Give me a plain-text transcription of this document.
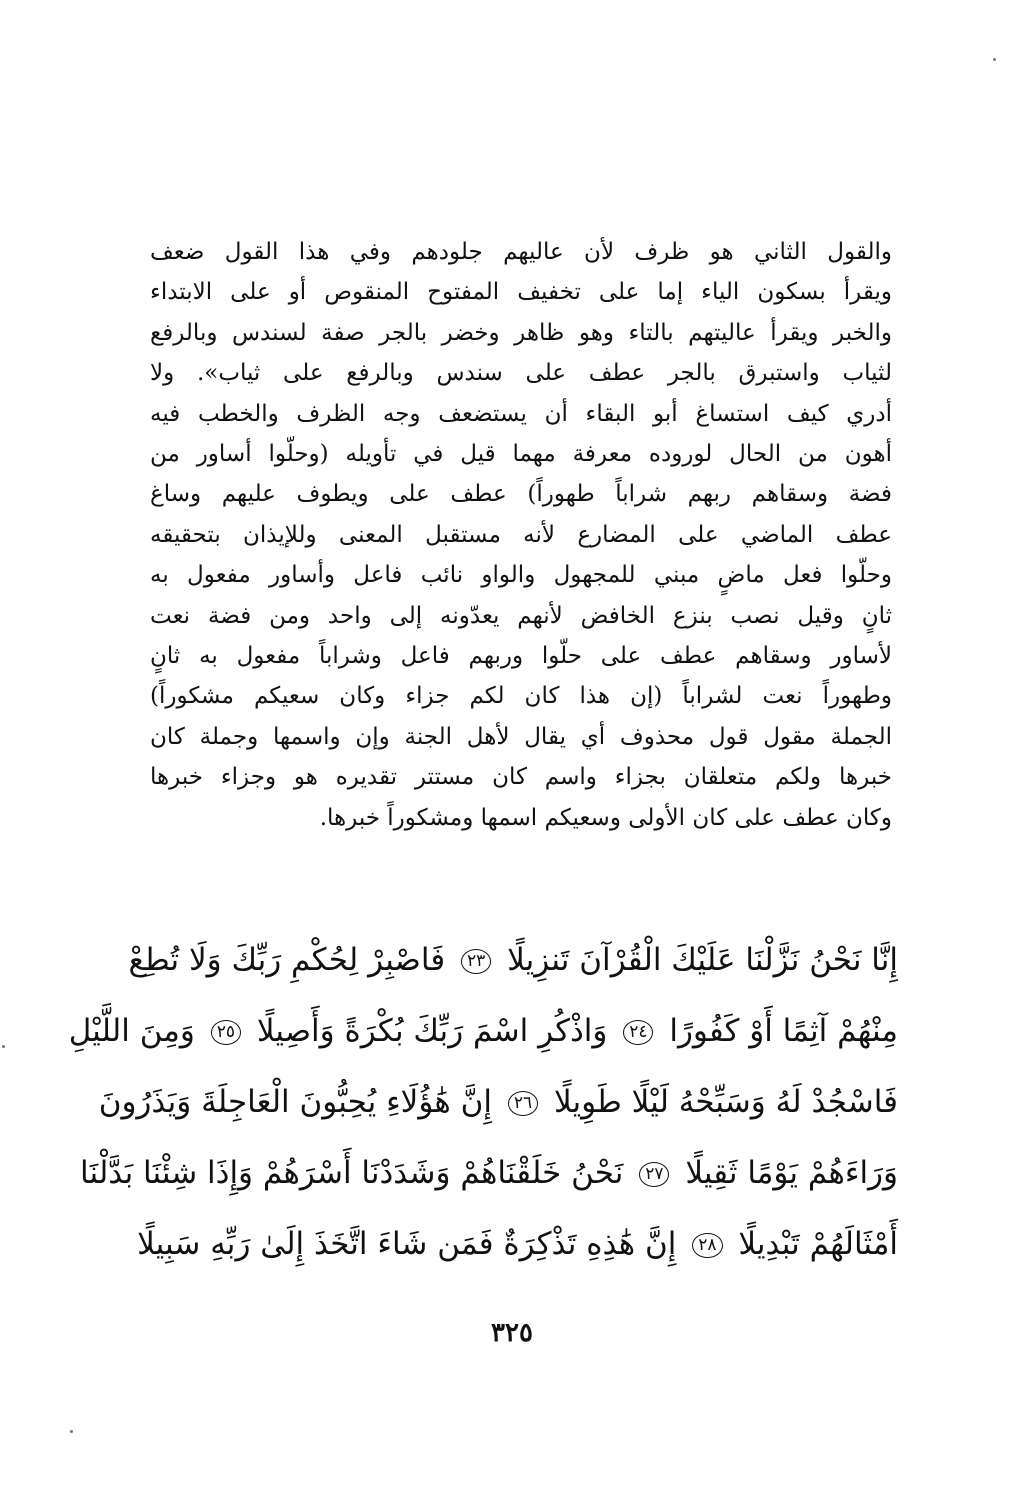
والقول الثاني هو ظرف لأن عاليهم جلودهم وفي هذا القول ضعف
ويقرأ بسكون الياء إما على تخفيف المفتوح المنقوص أو على الابتداء
والخبر ويقرأ عاليتهم بالتاء وهو ظاهر وخضر بالجر صفة لسندس وبالرفع
لثياب واستبرق بالجر عطف على سندس وبالرفع على ثياب». ولا
أدري كيف استساغ أبو البقاء أن يستضعف وجه الظرف والخطب فيه
أهون من الحال لوروده معرفة مهما قيل في تأويله (وحلّوا أساور من
فضة وسقاهم ربهم شراباً طهوراً) عطف على ويطوف عليهم وساغ
عطف الماضي على المضارع لأنه مستقبل المعنى وللإيذان بتحقيقه
وحلّوا فعل ماضٍ مبني للمجهول والواو نائب فاعل وأساور مفعول به
ثانٍ وقيل نصب بنزع الخافض لأنهم يعدّونه إلى واحد ومن فضة نعت
لأساور وسقاهم عطف على حلّوا وربهم فاعل وشراباً مفعول به ثانٍ
وطهوراً نعت لشراباً (إن هذا كان لكم جزاء وكان سعيكم مشكوراً)
الجملة مقول قول محذوف أي يقال لأهل الجنة وإن واسمها وجملة كان
خبرها ولكم متعلقان بجزاء واسم كان مستتر تقديره هو وجزاء خبرها
وكان عطف على كان الأولى وسعيكم اسمها ومشكوراً خبرها.
إِنَّا نَحْنُ نَزَّلْنَا عَلَيْكَ الْقُرْآنَ تَنزِيلًا ٢٣ فَاصْبِرْ لِحُكْمِ رَبِّكَ وَلَا تُطِعْ
مِنْهُمْ آثِمًا أَوْ كَفُورًا ٢٤ وَاذْكُرِ اسْمَ رَبِّكَ بُكْرَةً وَأَصِيلًا ٢٥ وَمِنَ اللَّيْلِ
فَاسْجُدْ لَهُ وَسَبِّحْهُ لَيْلًا طَوِيلًا ٢٦ إِنَّ هَٰؤُلَاءِ يُحِبُّونَ الْعَاجِلَةَ وَيَذَرُونَ
وَرَاءَهُمْ يَوْمًا ثَقِيلًا ٢٧ نَحْنُ خَلَقْنَاهُمْ وَشَدَدْنَا أَسْرَهُمْ وَإِذَا شِئْنَا بَدَّلْنَا
أَمْثَالَهُمْ تَبْدِيلًا ٢٨ إِنَّ هَٰذِهِ تَذْكِرَةٌ فَمَن شَاءَ اتَّخَذَ إِلَىٰ رَبِّهِ سَبِيلًا
٣٢٥
